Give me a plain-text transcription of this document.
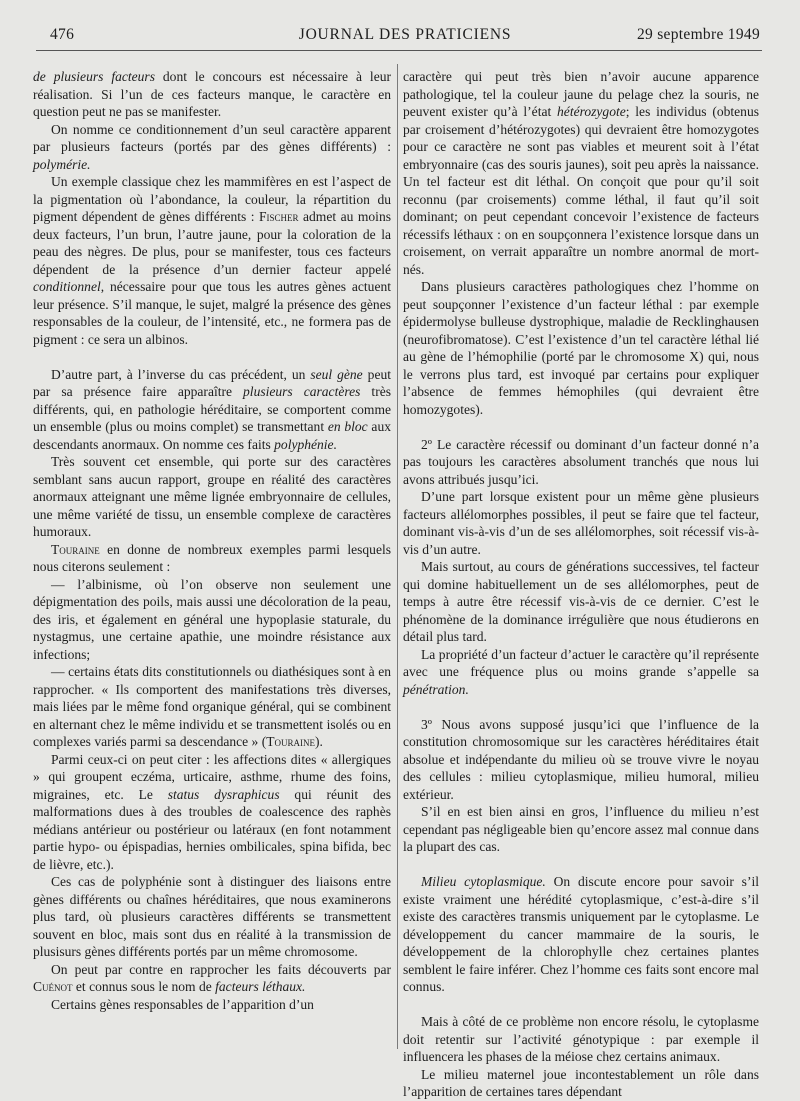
476	JOURNAL DES PRATICIENS	29 septembre 1949

de plusieurs facteurs dont le concours est nécessaire à leur réalisation. Si l’un de ces facteurs manque, le caractère en question peut ne pas se manifester.

On nomme ce conditionnement d’un seul caractère apparent par plusieurs facteurs (portés par des gènes différents) : polymérie.

Un exemple classique chez les mammifères en est l’aspect de la pigmentation où l’abondance, la couleur, la répartition du pigment dépendent de gènes différents : Fischer admet au moins deux facteurs, l’un brun, l’autre jaune, pour la coloration de la peau des nègres. De plus, pour se manifester, tous ces facteurs dépendent de la présence d’un dernier facteur appelé conditionnel, nécessaire pour que tous les autres gènes actuent leur présence. S’il manque, le sujet, malgré la présence des gènes responsables de la couleur, de l’intensité, etc., ne formera pas de pigment : ce sera un albinos.

D’autre part, à l’inverse du cas précédent, un seul gène peut par sa présence faire apparaître plusieurs caractères très différents, qui, en pathologie héréditaire, se comportent comme un ensemble (plus ou moins complet) se transmettant en bloc aux descendants anormaux. On nomme ces faits polyphénie.

Très souvent cet ensemble, qui porte sur des caractères semblant sans aucun rapport, groupe en réalité des caractères anormaux atteignant une même lignée embryonnaire de cellules, une même variété de tissu, un ensemble complexe de caractères humoraux.

Touraine en donne de nombreux exemples parmi lesquels nous citerons seulement :

— l’albinisme, où l’on observe non seulement une dépigmentation des poils, mais aussi une décoloration de la peau, des iris, et également en général une hypoplasie staturale, du nystagmus, une certaine apathie, une moindre résistance aux infections;

— certains états dits constitutionnels ou diathésiques sont à en rapprocher. « Ils comportent des manifestations très diverses, mais liées par le même fond organique général, qui se combinent en alternant chez le même individu et se transmettent isolés ou en complexes variés parmi sa descendance » (Touraine).

Parmi ceux-ci on peut citer : les affections dites « allergiques » qui groupent eczéma, urticaire, asthme, rhume des foins, migraines, etc. Le status dysraphicus qui réunit des malformations dues à des troubles de coalescence des raphès médians antérieur ou postérieur ou latéraux (en font notamment partie hypo- ou épispadias, hernies ombilicales, spina bifida, bec de lièvre, etc.).

Ces cas de polyphénie sont à distinguer des liaisons entre gènes différents ou chaînes héréditaires, que nous examinerons plus tard, où plusieurs caractères différents se transmettent souvent en bloc, mais sont dus en réalité à la transmission de plusisurs gènes différents portés par un même chromosome.

On peut par contre en rapprocher les faits découverts par Cuénot et connus sous le nom de facteurs léthaux.

Certains gènes responsables de l’apparition d’un

caractère qui peut très bien n’avoir aucune apparence pathologique, tel la couleur jaune du pelage chez la souris, ne peuvent exister qu’à l’état hétérozygote; les individus (obtenus par croisement d’hétérozygotes) qui devraient être homozygotes pour ce caractère ne sont pas viables et meurent soit à l’état embryonnaire (cas des souris jaunes), soit peu après la naissance. Un tel facteur est dit léthal. On conçoit que pour qu’il soit reconnu (par croisements) comme léthal, il faut qu’il soit dominant; on peut cependant concevoir l’existence de facteurs récessifs léthaux : on en soupçonnera l’existence lorsque dans un croisement, on verrait apparaître un nombre anormal de mort-nés.

Dans plusieurs caractères pathologiques chez l’homme on peut soupçonner l’existence d’un facteur léthal : par exemple épidermolyse bulleuse dystrophique, maladie de Recklinghausen (neurofibromatose). C’est l’existence d’un tel caractère léthal lié au gène de l’hémophilie (porté par le chromosome X) qui, nous le verrons plus tard, est invoqué par certains pour expliquer l’absence de femmes hémophiles (qui devraient être homozygotes).

2º Le caractère récessif ou dominant d’un facteur donné n’a pas toujours les caractères absolument tranchés que nous lui avons attribués jusqu’ici.

D’une part lorsque existent pour un même gène plusieurs facteurs allélomorphes possibles, il peut se faire que tel facteur, dominant vis-à-vis d’un de ses allélomorphes, soit récessif vis-à-vis d’un autre.

Mais surtout, au cours de générations successives, tel facteur qui domine habituellement un de ses allélomorphes, peut de temps à autre être récessif vis-à-vis de ce dernier. C’est le phénomène de la dominance irrégulière que nous étudierons en détail plus tard.

La propriété d’un facteur d’actuer le caractère qu’il représente avec une fréquence plus ou moins grande s’appelle sa pénétration.

3º Nous avons supposé jusqu’ici que l’influence de la constitution chromosomique sur les caractères héréditaires était absolue et indépendante du milieu où se trouve vivre le noyau des cellules : milieu cytoplasmique, milieu humoral, milieu extérieur.

S’il en est bien ainsi en gros, l’influence du milieu n’est cependant pas négligeable bien qu’encore assez mal connue dans la plupart des cas.

Milieu cytoplasmique. On discute encore pour savoir s’il existe vraiment une hérédité cytoplasmique, c’est-à-dire s’il existe des caractères transmis uniquement par le cytoplasme. Le développement du cancer mammaire de la souris, le développement de la chlorophylle chez certaines plantes semblent le faire inférer. Chez l’homme ces faits sont encore mal connus.

Mais à côté de ce problème non encore résolu, le cytoplasme doit retentir sur l’activité génotypique : par exemple il influencera les phases de la méiose chez certains animaux.

Le milieu maternel joue incontestablement un rôle dans l’apparition de certaines tares dépendant
